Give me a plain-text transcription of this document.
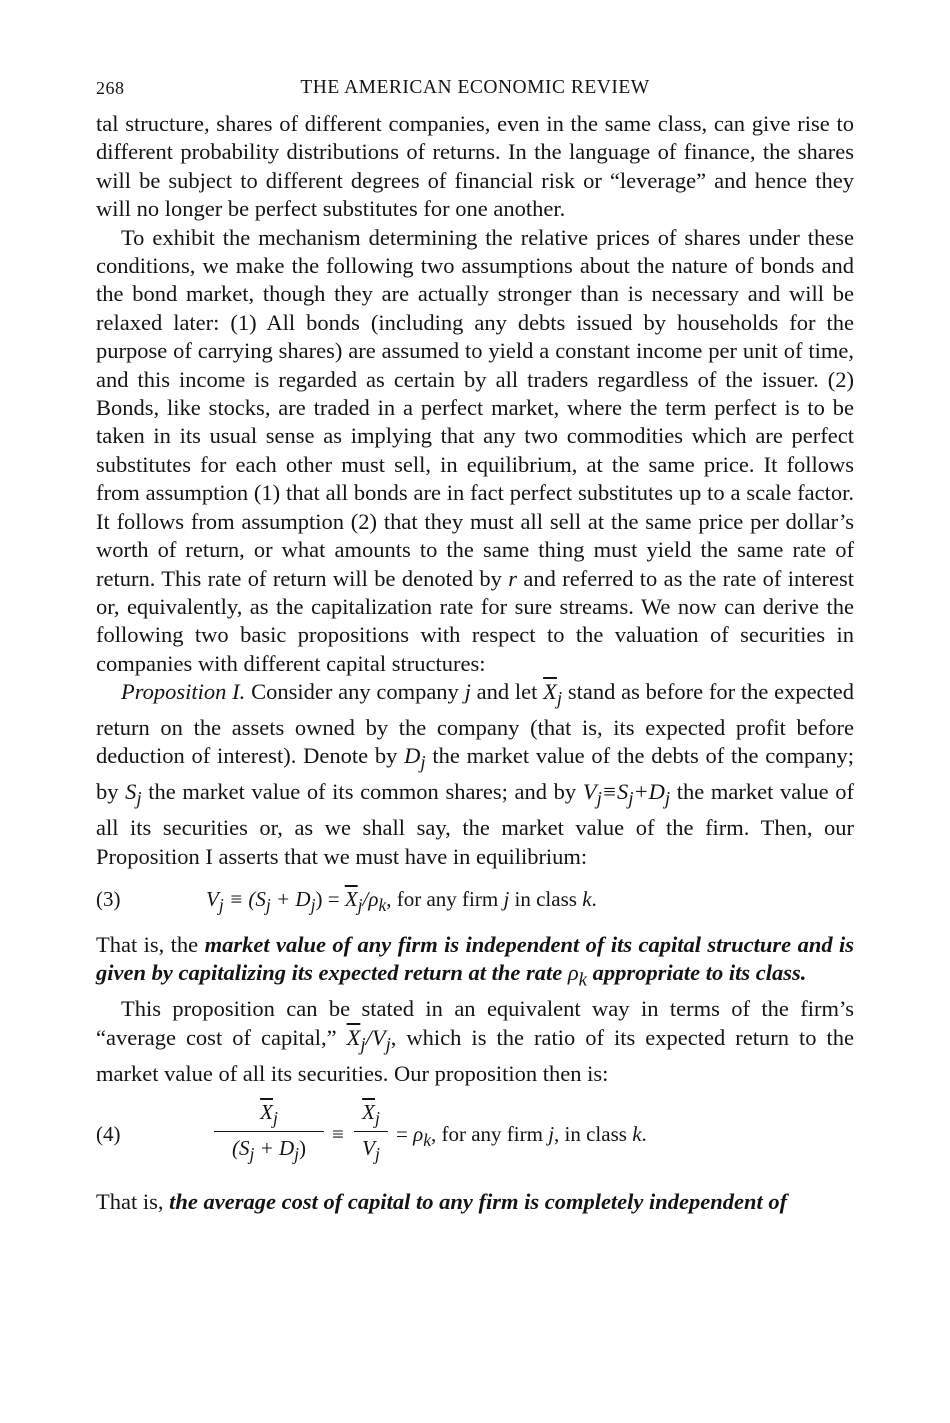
268	THE AMERICAN ECONOMIC REVIEW

tal structure, shares of different companies, even in the same class, can give rise to different probability distributions of returns. In the language of finance, the shares will be subject to different degrees of financial risk or “leverage” and hence they will no longer be perfect substitutes for one another.

To exhibit the mechanism determining the relative prices of shares under these conditions, we make the following two assumptions about the nature of bonds and the bond market, though they are actually stronger than is necessary and will be relaxed later: (1) All bonds (including any debts issued by households for the purpose of carrying shares) are assumed to yield a constant income per unit of time, and this income is regarded as certain by all traders regardless of the issuer. (2) Bonds, like stocks, are traded in a perfect market, where the term perfect is to be taken in its usual sense as implying that any two commodities which are perfect substitutes for each other must sell, in equilibrium, at the same price. It follows from assumption (1) that all bonds are in fact perfect substitutes up to a scale factor. It follows from assumption (2) that they must all sell at the same price per dollar’s worth of return, or what amounts to the same thing must yield the same rate of return. This rate of return will be denoted by r and referred to as the rate of interest or, equivalently, as the capitalization rate for sure streams. We now can derive the following two basic propositions with respect to the valuation of securities in companies with different capital structures:

Proposition I. Consider any company j and let $\overline{X}_j$ stand as before for the expected return on the assets owned by the company (that is, its expected profit before deduction of interest). Denote by $D_j$ the market value of the debts of the company; by $S_j$ the market value of its common shares; and by $V_j\equiv S_j+D_j$ the market value of all its securities or, as we shall say, the market value of the firm. Then, our Proposition I asserts that we must have in equilibrium:

(3)	$V_j \equiv (S_j + D_j) = \overline{X}_j/\rho_k$, for any firm j in class k.

That is, the market value of any firm is independent of its capital structure and is given by capitalizing its expected return at the rate $\rho_k$ appropriate to its class.

This proposition can be stated in an equivalent way in terms of the firm’s “average cost of capital,” $\overline{X}_j/V_j$, which is the ratio of its expected return to the market value of all its securities. Our proposition then is:

(4)	$\frac{\overline{X}_j}{(S_j + D_j)} \equiv \frac{\overline{X}_j}{V_j} = \rho_k$, for any firm j, in class k.

That is, the average cost of capital to any firm is completely independent of
